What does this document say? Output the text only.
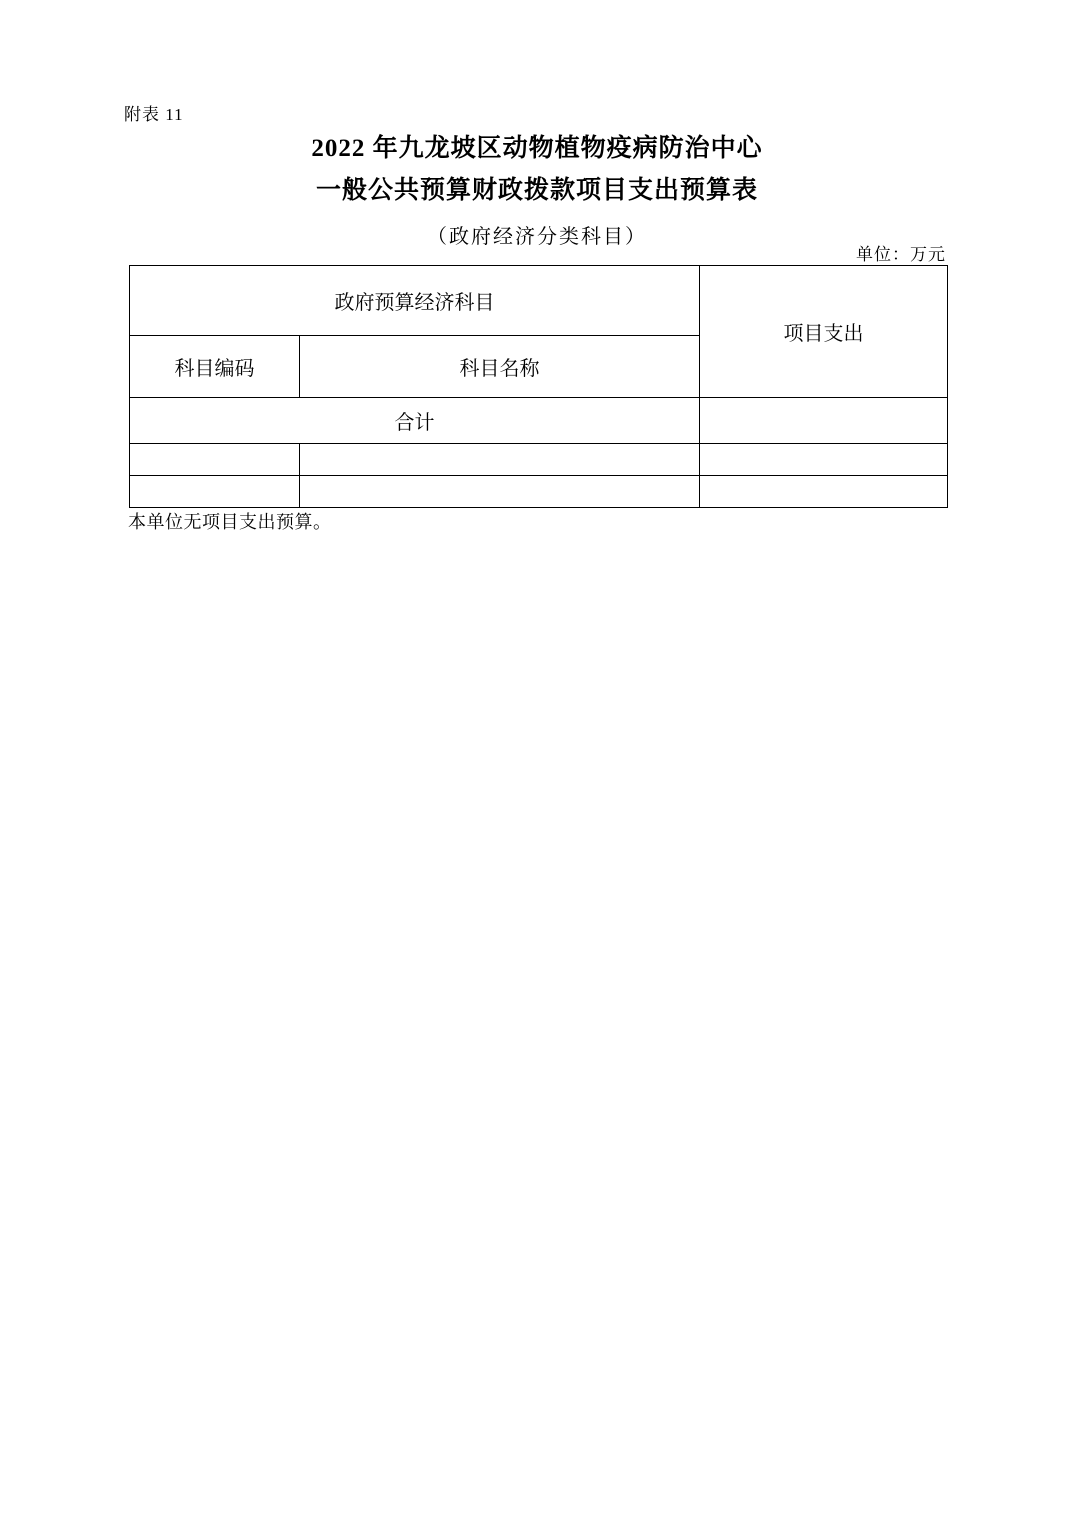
附表 11
2022 年九龙坡区动物植物疫病防治中心
一般公共预算财政拨款项目支出预算表
（政府经济分类科目）
单位：万元
政府预算经济科目		项目支出
科目编码	科目名称	
合计		

本单位无项目支出预算。
